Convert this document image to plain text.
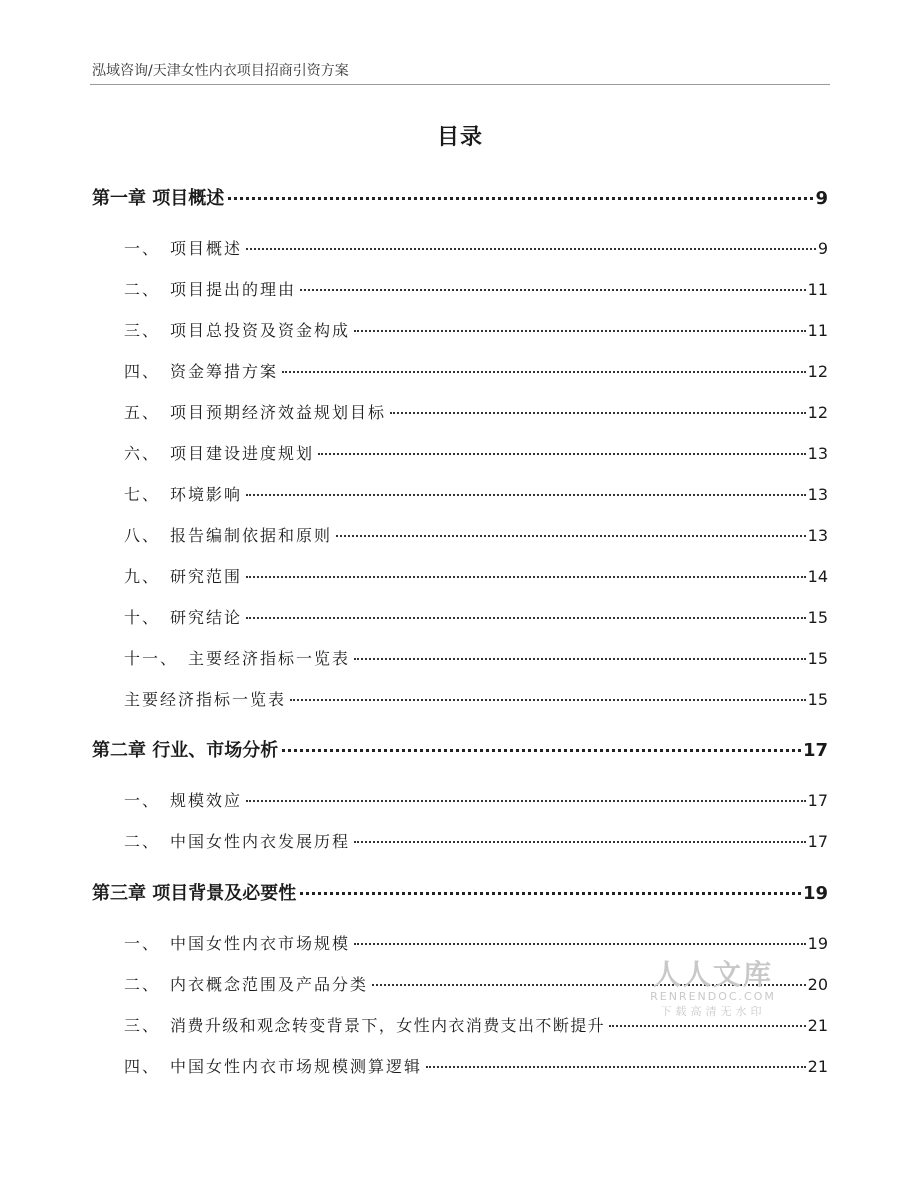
泓域咨询/天津女性内衣项目招商引资方案
目录
第一章 项目概述	9
一、 项目概述	9
二、 项目提出的理由	11
三、 项目总投资及资金构成	11
四、 资金筹措方案	12
五、 项目预期经济效益规划目标	12
六、 项目建设进度规划	13
七、 环境影响	13
八、 报告编制依据和原则	13
九、 研究范围	14
十、 研究结论	15
十一、 主要经济指标一览表	15
主要经济指标一览表	15
第二章 行业、市场分析	17
一、 规模效应	17
二、 中国女性内衣发展历程	17
第三章 项目背景及必要性	19
一、 中国女性内衣市场规模	19
二、 内衣概念范围及产品分类	20
三、 消费升级和观念转变背景下，女性内衣消费支出不断提升	21
四、 中国女性内衣市场规模测算逻辑	21
人人文库
RENRENDOC.COM
下载高清无水印
